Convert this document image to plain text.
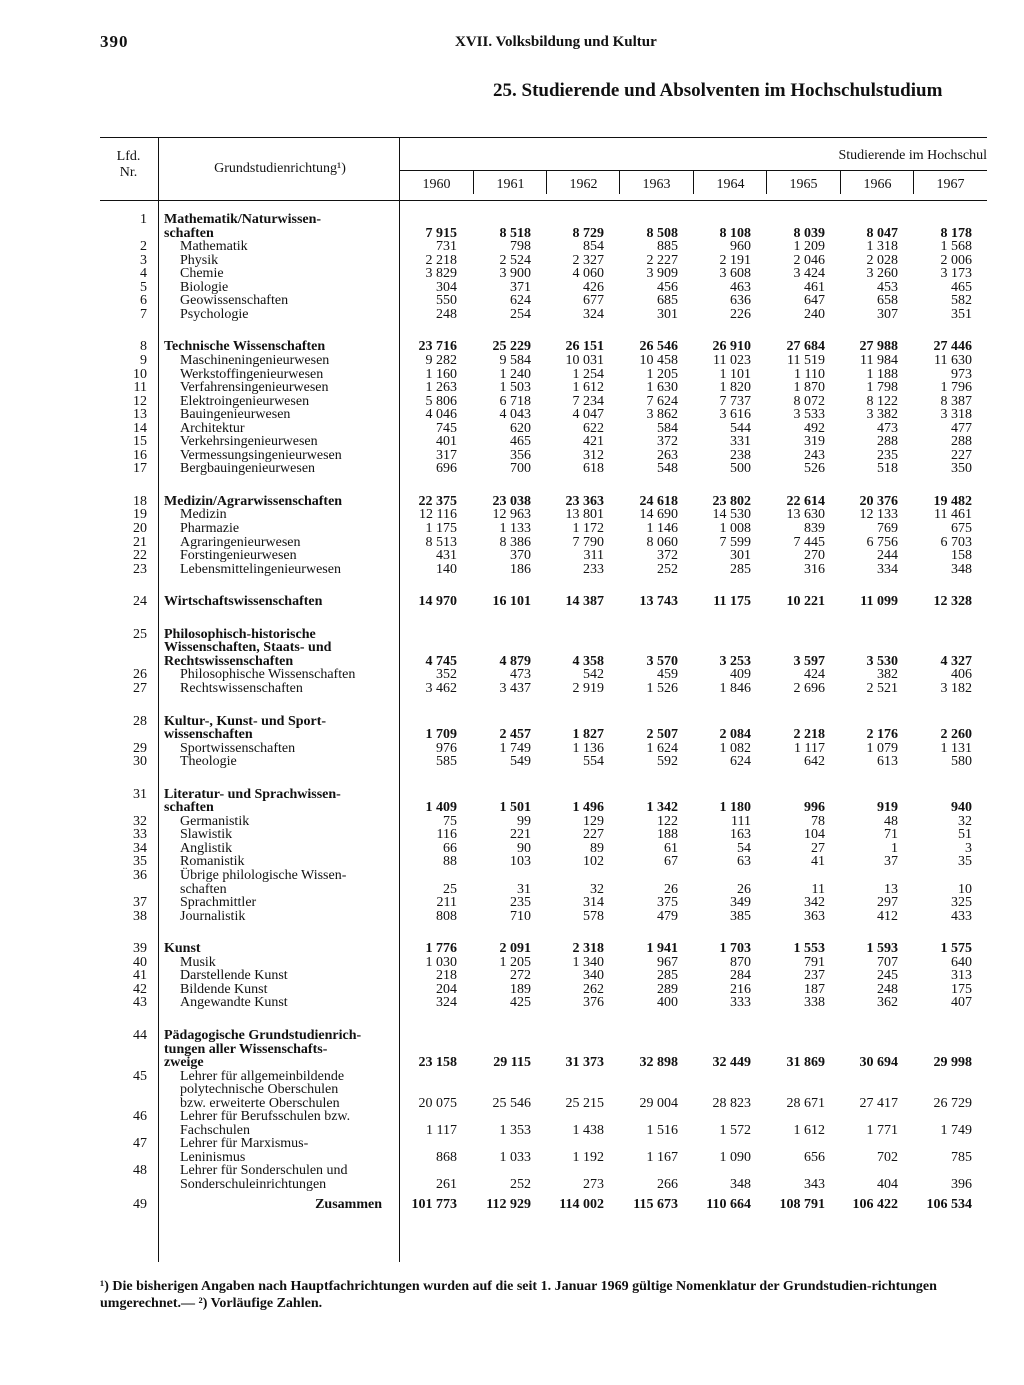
390	XVII. Volksbildung und Kultur
25. Studierende und Absolventen im Hochschulstudium
Lfd.
Nr.	Grundstudienrichtung¹)
Studierende im Hochschul
1960	1961	1962	1963	1964	1965	1966	1967
1 Mathematik/Naturwissen-
schaften	7 915	8 518	8 729	8 508	8 108	8 039	8 047	8 178
2 Mathematik	731	798	854	885	960	1 209	1 318	1 568
3 Physik	2 218	2 524	2 327	2 227	2 191	2 046	2 028	2 006
4 Chemie	3 829	3 900	4 060	3 909	3 608	3 424	3 260	3 173
5 Biologie	304	371	426	456	463	461	453	465
6 Geowissenschaften	550	624	677	685	636	647	658	582
7 Psychologie	248	254	324	301	226	240	307	351
8 Technische Wissenschaften	23 716	25 229	26 151	26 546	26 910	27 684	27 988	27 446
9 Maschineningenieurwesen	9 282	9 584	10 031	10 458	11 023	11 519	11 984	11 630
10 Werkstoffingenieurwesen	1 160	1 240	1 254	1 205	1 101	1 110	1 188	973
11 Verfahrensingenieurwesen	1 263	1 503	1 612	1 630	1 820	1 870	1 798	1 796
12 Elektroingenieurwesen	5 806	6 718	7 234	7 624	7 737	8 072	8 122	8 387
13 Bauingenieurwesen	4 046	4 043	4 047	3 862	3 616	3 533	3 382	3 318
14 Architektur	745	620	622	584	544	492	473	477
15 Verkehrsingenieurwesen	401	465	421	372	331	319	288	288
16 Vermessungsingenieurwesen	317	356	312	263	238	243	235	227
17 Bergbauingenieurwesen	696	700	618	548	500	526	518	350
18 Medizin/Agrarwissenschaften	22 375	23 038	23 363	24 618	23 802	22 614	20 376	19 482
19 Medizin	12 116	12 963	13 801	14 690	14 530	13 630	12 133	11 461
20 Pharmazie	1 175	1 133	1 172	1 146	1 008	839	769	675
21 Agraringenieurwesen	8 513	8 386	7 790	8 060	7 599	7 445	6 756	6 703
22 Forstingenieurwesen	431	370	311	372	301	270	244	158
23 Lebensmittelingenieurwesen	140	186	233	252	285	316	334	348
24 Wirtschaftswissenschaften	14 970	16 101	14 387	13 743	11 175	10 221	11 099	12 328
25 Philosophisch-historische
Wissenschaften, Staats- und
Rechtswissenschaften	4 745	4 879	4 358	3 570	3 253	3 597	3 530	4 327
26 Philosophische Wissenschaften	352	473	542	459	409	424	382	406
27 Rechtswissenschaften	3 462	3 437	2 919	1 526	1 846	2 696	2 521	3 182
28 Kultur-, Kunst- und Sport-
wissenschaften	1 709	2 457	1 827	2 507	2 084	2 218	2 176	2 260
29 Sportwissenschaften	976	1 749	1 136	1 624	1 082	1 117	1 079	1 131
30 Theologie	585	549	554	592	624	642	613	580
31 Literatur- und Sprachwissen-
schaften	1 409	1 501	1 496	1 342	1 180	996	919	940
32 Germanistik	75	99	129	122	111	78	48	32
33 Slawistik	116	221	227	188	163	104	71	51
34 Anglistik	66	90	89	61	54	27	1	3
35 Romanistik	88	103	102	67	63	41	37	35
36 Übrige philologische Wissen-
schaften	25	31	32	26	26	11	13	10
37 Sprachmittler	211	235	314	375	349	342	297	325
38 Journalistik	808	710	578	479	385	363	412	433
39 Kunst	1 776	2 091	2 318	1 941	1 703	1 553	1 593	1 575
40 Musik	1 030	1 205	1 340	967	870	791	707	640
41 Darstellende Kunst	218	272	340	285	284	237	245	313
42 Bildende Kunst	204	189	262	289	216	187	248	175
43 Angewandte Kunst	324	425	376	400	333	338	362	407
44 Pädagogische Grundstudienrich-
tungen aller Wissenschafts-
zweige	23 158	29 115	31 373	32 898	32 449	31 869	30 694	29 998
45 Lehrer für allgemeinbildende
polytechnische Oberschulen
bzw. erweiterte Oberschulen	20 075	25 546	25 215	29 004	28 823	28 671	27 417	26 729
46 Lehrer für Berufsschulen bzw.
Fachschulen	1 117	1 353	1 438	1 516	1 572	1 612	1 771	1 749
47 Lehrer für Marxismus-
Leninismus	868	1 033	1 192	1 167	1 090	656	702	785
48 Lehrer für Sonderschulen und
Sonderschuleinrichtungen	261	252	273	266	348	343	404	396
49	Zusammen	101 773	112 929	114 002	115 673	110 664	108 791	106 422	106 534
¹) Die bisherigen Angaben nach Hauptfachrichtungen wurden auf die seit 1. Januar 1969 gültige Nomenklatur der Grundstudien-richtungen umgerechnet.— ²) Vorläufige Zahlen.
